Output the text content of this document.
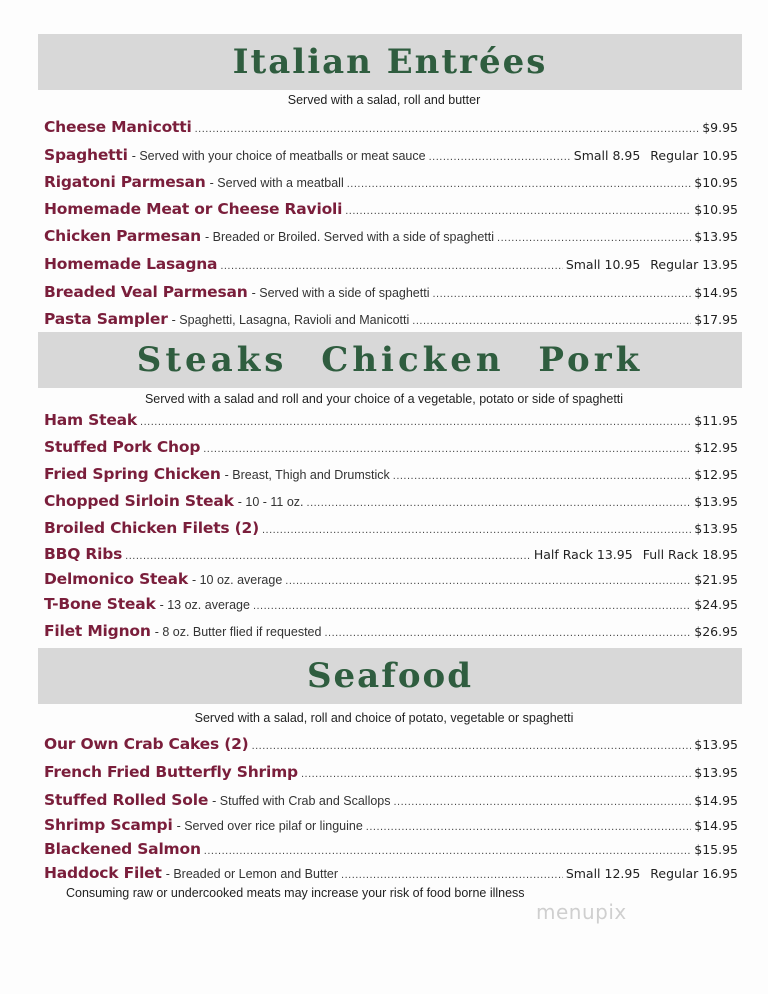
Italian Entrées
Served with a salad, roll and butter
Cheese Manicotti .....	$9.95
Spaghetti - Served with your choice of meatballs or meat sauce .....	Small 8.95 Regular 10.95
Rigatoni Parmesan - Served with a meatball .....	$10.95
Homemade Meat or Cheese Ravioli .....	$10.95
Chicken Parmesan - Breaded or Broiled. Served with a side of spaghetti .....	$13.95
Homemade Lasagna .....	Small 10.95 Regular 13.95
Breaded Veal Parmesan - Served with a side of spaghetti .....	$14.95
Pasta Sampler - Spaghetti, Lasagna, Ravioli and Manicotti .....	$17.95
Steaks Chicken Pork
Served with a salad and roll and your choice of a vegetable, potato or side of spaghetti
Ham Steak .....	$11.95
Stuffed Pork Chop .....	$12.95
Fried Spring Chicken - Breast, Thigh and Drumstick .....	$12.95
Chopped Sirloin Steak - 10 - 11 oz. .....	$13.95
Broiled Chicken Filets (2) .....	$13.95
BBQ Ribs .....	Half Rack 13.95 Full Rack 18.95
Delmonico Steak - 10 oz. average .....	$21.95
T-Bone Steak - 13 oz. average .....	$24.95
Filet Mignon - 8 oz. Butter flied if requested .....	$26.95
Seafood
Served with a salad, roll and choice of potato, vegetable or spaghetti
Our Own Crab Cakes (2) .....	$13.95
French Fried Butterfly Shrimp .....	$13.95
Stuffed Rolled Sole - Stuffed with Crab and Scallops .....	$14.95
Shrimp Scampi - Served over rice pilaf or linguine .....	$14.95
Blackened Salmon .....	$15.95
Haddock Filet - Breaded or Lemon and Butter .....	Small 12.95 Regular 16.95
Consuming raw or undercooked meats may increase your risk of food borne illness
menupix
